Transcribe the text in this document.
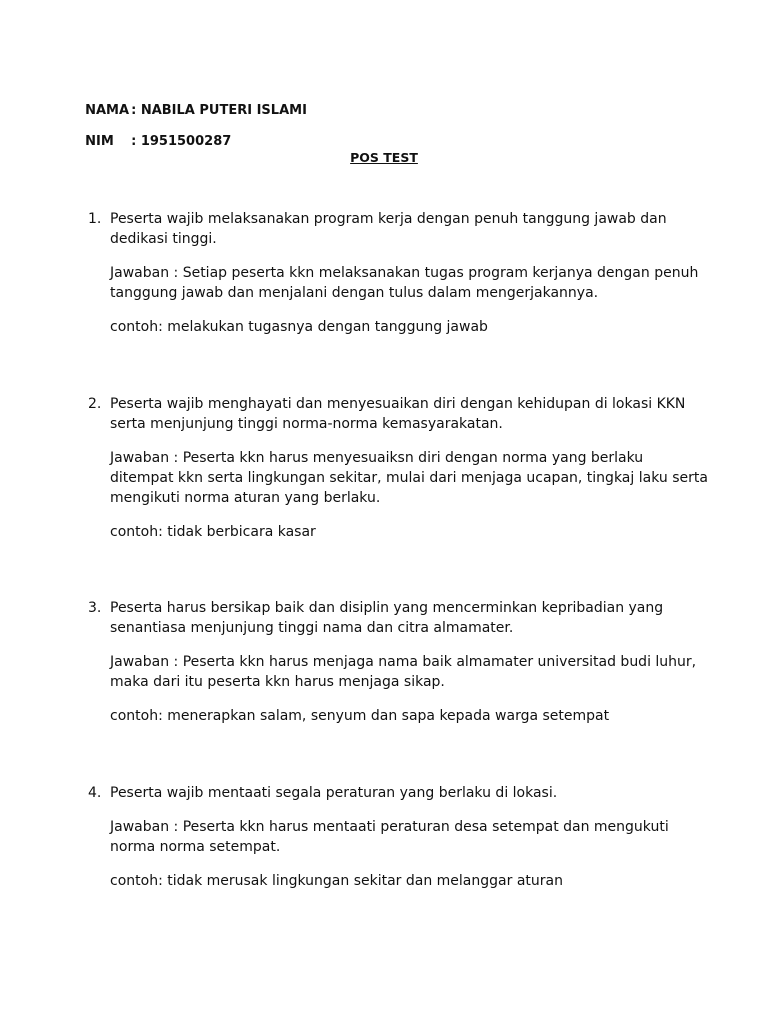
NAMA : NABILA PUTERI ISLAMI

NIM : 1951500287

POS TEST
1. Peserta wajib melaksanakan program kerja dengan penuh tanggung jawab dan dedikasi tinggi.

Jawaban : Setiap peserta kkn melaksanakan tugas program kerjanya dengan penuh tanggung jawab dan menjalani dengan tulus dalam mengerjakannya.

contoh: melakukan tugasnya dengan tanggung jawab

2. Peserta wajib menghayati dan menyesuaikan diri dengan kehidupan di lokasi KKN serta menjunjung tinggi norma-norma kemasyarakatan.

Jawaban : Peserta kkn harus menyesuaiksn diri dengan norma yang berlaku ditempat kkn serta lingkungan sekitar, mulai dari menjaga ucapan, tingkaj laku serta mengikuti norma aturan yang berlaku.

contoh: tidak berbicara kasar

3. Peserta harus bersikap baik dan disiplin yang mencerminkan kepribadian yang senantiasa menjunjung tinggi nama dan citra almamater.

Jawaban : Peserta kkn harus menjaga nama baik almamater universitad budi luhur, maka dari itu peserta kkn harus menjaga sikap.

contoh: menerapkan salam, senyum dan sapa kepada warga setempat

4. Peserta wajib mentaati segala peraturan yang berlaku di lokasi.

Jawaban : Peserta kkn harus mentaati peraturan desa setempat dan mengukuti norma norma setempat.

contoh: tidak merusak lingkungan sekitar dan melanggar aturan
